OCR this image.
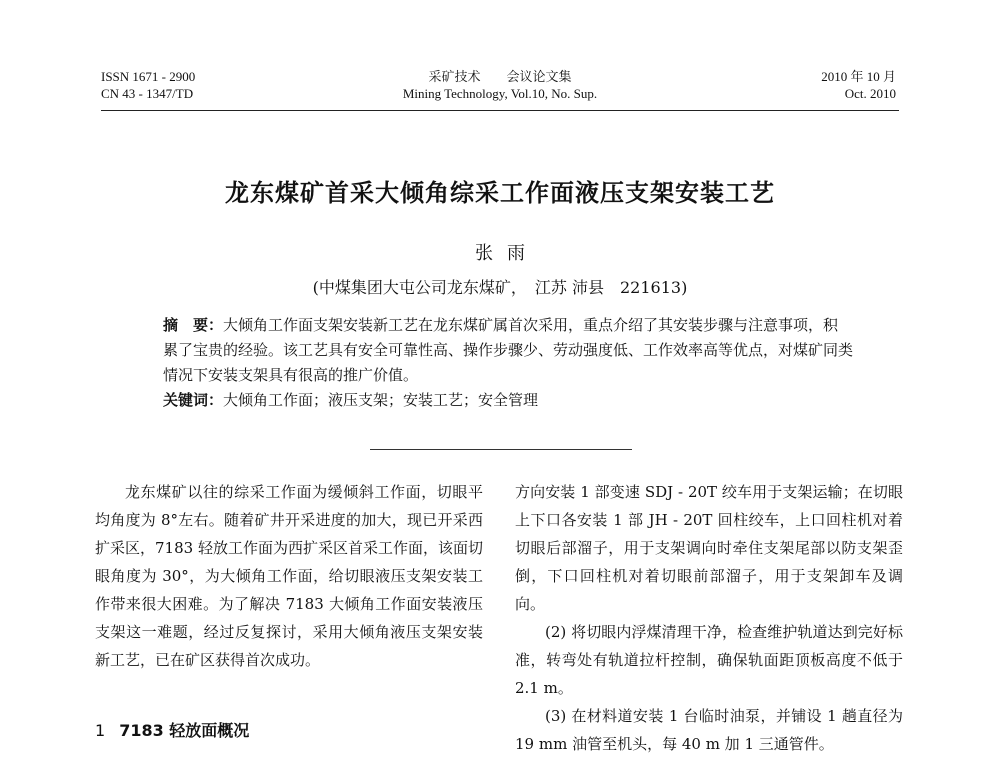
ISSN 1671 - 2900
CN 43 - 1347/TD
采矿技术　　会议论文集
Mining Technology, Vol.10, No. Sup.
2010 年 10 月
Oct. 2010
龙东煤矿首采大倾角综采工作面液压支架安装工艺
张雨
(中煤集团大屯公司龙东煤矿，　江苏 沛县　221613)

摘　要：大倾角工作面支架安装新工艺在龙东煤矿属首次采用，重点介绍了其安装步骤与注意事项，积累了宝贵的经验。该工艺具有安全可靠性高、操作步骤少、劳动强度低、工作效率高等优点，对煤矿同类情况下安装支架具有很高的推广价值。

关键词：大倾角工作面；液压支架；安装工艺；安全管理

龙东煤矿以往的综采工作面为缓倾斜工作面，切眼平均角度为 8°左右。随着矿井开采进度的加大，现已开采西扩采区，7183 轻放工作面为西扩采区首采工作面，该面切眼角度为 30°，为大倾角工作面，给切眼液压支架安装工作带来很大困难。为了解决 7183 大倾角工作面安装液压支架这一难题，经过反复探讨，采用大倾角液压支架安装新工艺，已在矿区获得首次成功。

1 7183 轻放面概况

方向安装 1 部变速 SDJ - 20T 绞车用于支架运输；在切眼上下口各安装 1 部 JH - 20T 回柱绞车，上口回柱机对着切眼后部溜子，用于支架调向时牵住支架尾部以防支架歪倒，下口回柱机对着切眼前部溜子，用于支架卸车及调向。

(2) 将切眼内浮煤清理干净，检查维护轨道达到完好标准，转弯处有轨道拉杆控制，确保轨面距顶板高度不低于 2.1 m。

(3) 在材料道安装 1 台临时油泵，并铺设 1 趟直径为 19 mm 油管至机头，每 40 m 加 1 三通管件。
